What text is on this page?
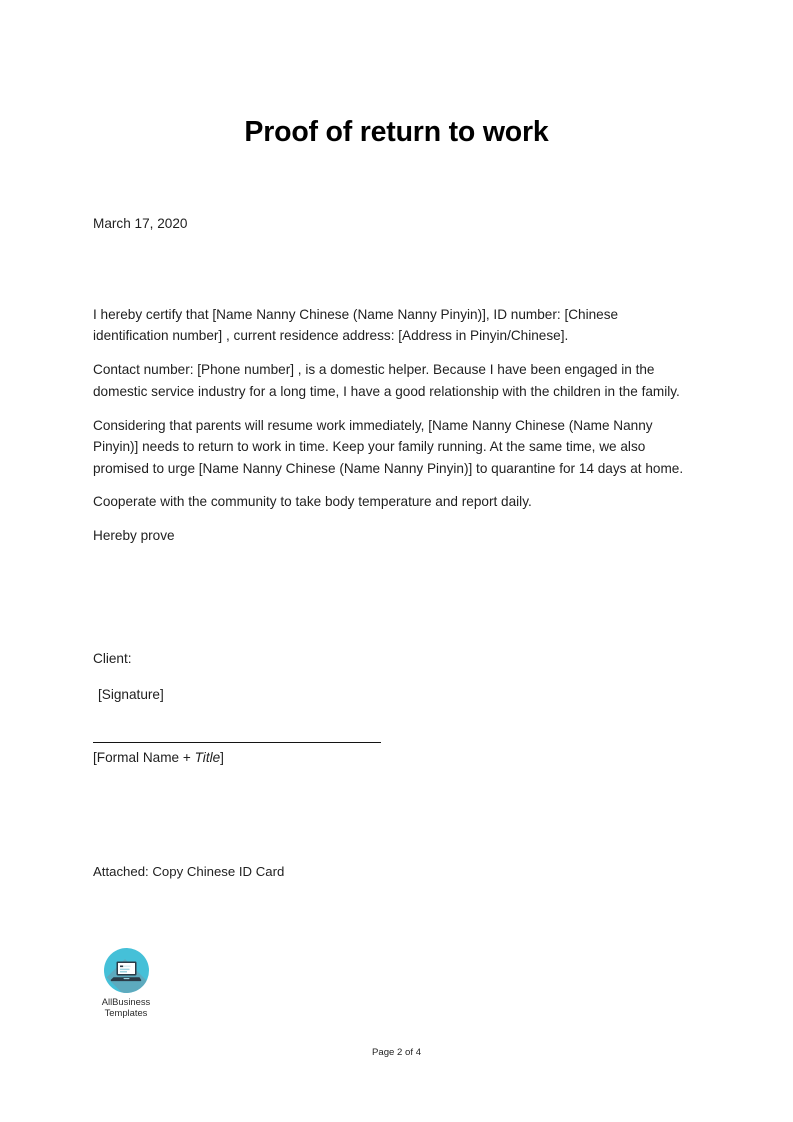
Proof of return to work

March 17, 2020

I hereby certify that [Name Nanny Chinese (Name Nanny Pinyin)], ID number: [Chinese identification number] , current residence address: [Address in Pinyin/Chinese].

Contact number: [Phone number] , is a domestic helper. Because I have been engaged in the domestic service industry for a long time, I have a good relationship with the children in the family.

Considering that parents will resume work immediately, [Name Nanny Chinese (Name Nanny Pinyin)] needs to return to work in time. Keep your family running. At the same time, we also promised to urge [Name Nanny Chinese (Name Nanny Pinyin)] to quarantine for 14 days at home.

Cooperate with the community to take body temperature and report daily.

Hereby prove

Client:

[Signature]

[Formal Name + Title]

Attached: Copy Chinese ID Card

AllBusiness
Templates
Page 2 of 4
